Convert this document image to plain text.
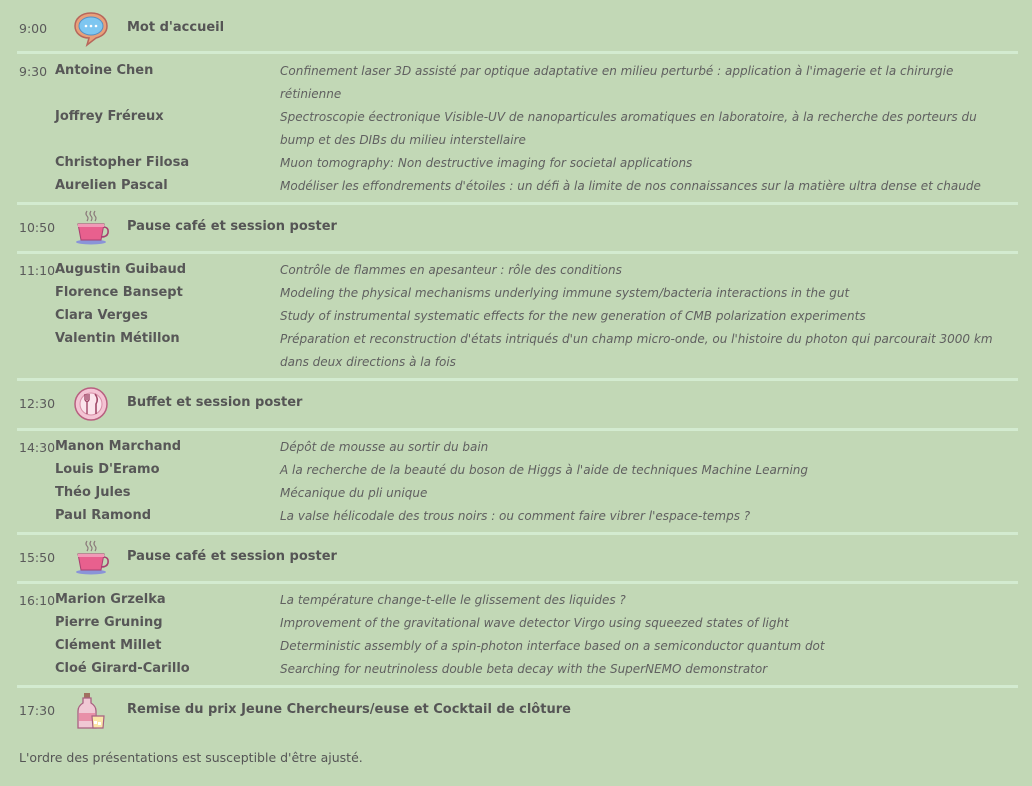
9:00	Mot d'accueil
9:30 Antoine Chen	Confinement laser 3D assisté par optique adaptative en milieu perturbé : application à l'imagerie et la chirurgie rétinienne
Joffrey Fréreux	Spectroscopie éectronique Visible-UV de nanoparticules aromatiques en laboratoire, à la recherche des porteurs du bump et des DIBs du milieu interstellaire
Christopher Filosa	Muon tomography: Non destructive imaging for societal applications
Aurelien Pascal	Modéliser les effondrements d'étoiles : un défi à la limite de nos connaissances sur la matière ultra dense et chaude
10:50	Pause café et session poster
11:10 Augustin Guibaud	Contrôle de flammes en apesanteur : rôle des conditions
Florence Bansept	Modeling the physical mechanisms underlying immune system/bacteria interactions in the gut
Clara Verges	Study of instrumental systematic effects for the new generation of CMB polarization experiments
Valentin Métillon	Préparation et reconstruction d'états intriqués d'un champ micro-onde, ou l'histoire du photon qui parcourait 3000 km dans deux directions à la fois
12:30	Buffet et session poster
14:30 Manon Marchand	Dépôt de mousse au sortir du bain
Louis D'Eramo	A la recherche de la beauté du boson de Higgs à l'aide de techniques Machine Learning
Théo Jules	Mécanique du pli unique
Paul Ramond	La valse hélicodale des trous noirs : ou comment faire vibrer l'espace-temps ?
15:50	Pause café et session poster
16:10 Marion Grzelka	La température change-t-elle le glissement des liquides ?
Pierre Gruning	Improvement of the gravitational wave detector Virgo using squeezed states of light
Clément Millet	Deterministic assembly of a spin-photon interface based on a semiconductor quantum dot
Cloé Girard-Carillo	Searching for neutrinoless double beta decay with the SuperNEMO demonstrator
17:30	Remise du prix Jeune Chercheurs/euse et Cocktail de clôture
L'ordre des présentations est susceptible d'être ajusté.
